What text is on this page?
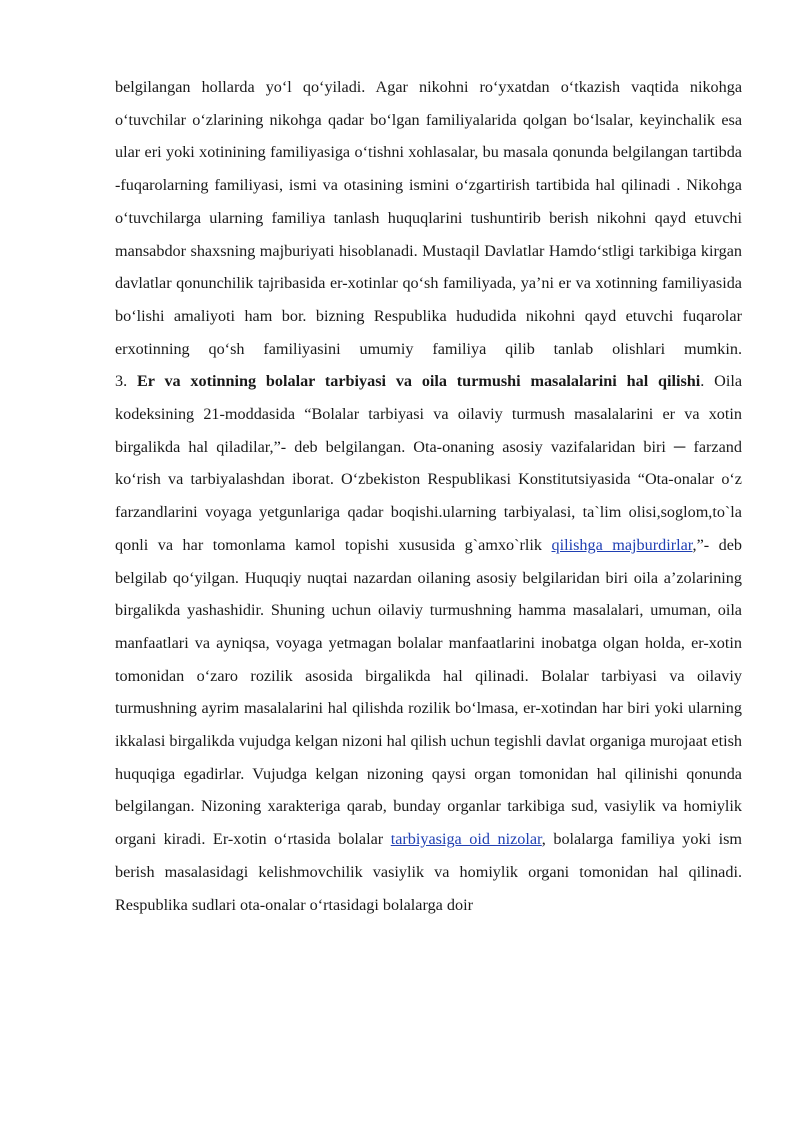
belgilangan hollarda yo‘l qo‘yiladi. Agar nikohni ro‘yxatdan o‘tkazish vaqtida nikohga o‘tuvchilar o‘zlarining nikohga qadar bo‘lgan familiyalarida qolgan bo‘lsalar, keyinchalik esa ular eri yoki xotinining familiyasiga o‘tishni xohlasalar, bu masala qonunda belgilangan tartibda -fuqarolarning familiyasi, ismi va otasining ismini o‘zgartirish tartibida hal qilinadi . Nikohga o‘tuvchilarga ularning familiya tanlash huquqlarini tushuntirib berish nikohni qayd etuvchi mansabdor shaxsning majburiyati hisoblanadi. Mustaqil Davlatlar Hamdo‘stligi tarkibiga kirgan davlatlar qonunchilik tajribasida er-xotinlar qo‘sh familiyada, ya’ni er va xotinning familiyasida bo‘lishi amaliyoti ham bor. bizning Respublika hududida nikohni qayd etuvchi fuqarolar erxotinning qo‘sh familiyasini umumiy familiya qilib tanlab olishlari mumkin.

3. Er va xotinning bolalar tarbiyasi va oila turmushi masalalarini hal qilishi. Oila kodeksining 21-moddasida “Bolalar tarbiyasi va oilaviy turmush masalalarini er va xotin birgalikda hal qiladilar,”- deb belgilangan. Ota-onaning asosiy vazifalaridan biri ─ farzand ko‘rish va tarbiyalashdan iborat. O‘zbekiston Respublikasi Konstitutsiyasida “Ota-onalar o‘z farzandlarini voyaga yetgunlariga qadar boqishi.ularning tarbiyalasi, ta`lim olisi,soglom,to`la qonli va har tomonlama kamol topishi xususida g`amxo`rlik qilishga majburdirlar,”- deb belgilab qo‘yilgan. Huquqiy nuqtai nazardan oilaning asosiy belgilaridan biri oila a’zolarining birgalikda yashashidir. Shuning uchun oilaviy turmushning hamma masalalari, umuman, oila manfaatlari va ayniqsa, voyaga yetmagan bolalar manfaatlarini inobatga olgan holda, er-xotin tomonidan o‘zaro rozilik asosida birgalikda hal qilinadi. Bolalar tarbiyasi va oilaviy turmushning ayrim masalalarini hal qilishda rozilik bo‘lmasa, er-xotindan har biri yoki ularning ikkalasi birgalikda vujudga kelgan nizoni hal qilish uchun tegishli davlat organiga murojaat etish huquqiga egadirlar. Vujudga kelgan nizoning qaysi organ tomonidan hal qilinishi qonunda belgilangan. Nizoning xarakteriga qarab, bunday organlar tarkibiga sud, vasiylik va homiylik organi kiradi. Er-xotin o‘rtasida bolalar tarbiyasiga oid nizolar, bolalarga familiya yoki ism berish masalasidagi kelishmovchilik vasiylik va homiylik organi tomonidan hal qilinadi. Respublika sudlari ota-onalar o‘rtasidagi bolalarga doir
